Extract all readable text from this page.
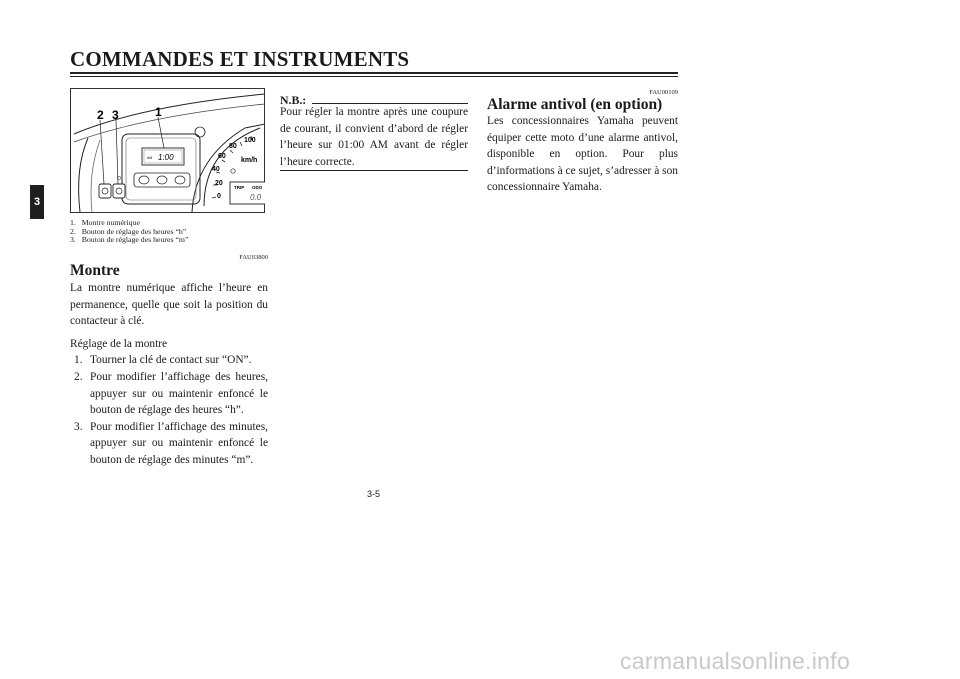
COMMANDES ET INSTRUMENTS
3
AM 1:00
2 3	1
0
20
40
60
80
100
km/h
TRIP ODO
0.0
1.   Montre numérique
2.   Bouton de réglage des heures “h”
3.   Bouton de réglage des heures “m”
FAU03800
Montre

La montre numérique affiche l’heure en permanence, quelle que soit la position du contacteur à clé.

Réglage de la montre

1. Tourner la clé de contact sur “ON”.
2. Pour modifier l’affichage des heures, appuyer sur ou maintenir enfoncé le bouton de réglage des heures “h”.
3. Pour modifier l’affichage des minutes, appuyer sur ou maintenir enfoncé le bouton de réglage des minutes “m”.
N.B.:
Pour régler la montre après une coupure de courant, il convient d’abord de régler l’heure sur 01:00 AM avant de régler l’heure correcte.
FAU00109
Alarme antivol (en option)
Les concessionnaires Yamaha peuvent équiper cette moto d’une alarme antivol, disponible en option. Pour plus d’informations à ce sujet, s’adresser à son concessionnaire Yamaha.
3-5
carmanualsonline.info
